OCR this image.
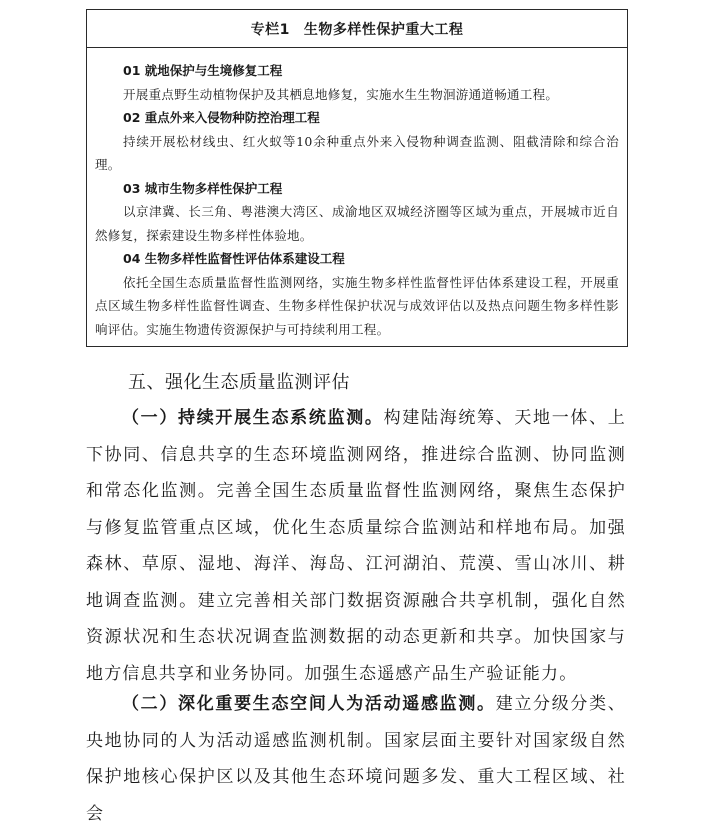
专栏1 生物多样性保护重大工程
01 就地保护与生境修复工程
开展重点野生动植物保护及其栖息地修复，实施水生生物洄游通道畅通工程。
02 重点外来入侵物种防控治理工程
持续开展松材线虫、红火蚁等10余种重点外来入侵物种调查监测、阻截清除和综合治理。
03 城市生物多样性保护工程
以京津冀、长三角、粤港澳大湾区、成渝地区双城经济圈等区域为重点，开展城市近自然修复，探索建设生物多样性体验地。
04 生物多样性监督性评估体系建设工程
依托全国生态质量监督性监测网络，实施生物多样性监督性评估体系建设工程，开展重点区域生物多样性监督性调查、生物多样性保护状况与成效评估以及热点问题生物多样性影响评估。实施生物遗传资源保护与可持续利用工程。
五、强化生态质量监测评估

（一）持续开展生态系统监测。构建陆海统筹、天地一体、上下协同、信息共享的生态环境监测网络，推进综合监测、协同监测和常态化监测。完善全国生态质量监督性监测网络，聚焦生态保护与修复监管重点区域，优化生态质量综合监测站和样地布局。加强森林、草原、湿地、海洋、海岛、江河湖泊、荒漠、雪山冰川、耕地调查监测。建立完善相关部门数据资源融合共享机制，强化自然资源状况和生态状况调查监测数据的动态更新和共享。加快国家与地方信息共享和业务协同。加强生态遥感产品生产验证能力。

（二）深化重要生态空间人为活动遥感监测。建立分级分类、央地协同的人为活动遥感监测机制。国家层面主要针对国家级自然保护地核心保护区以及其他生态环境问题多发、重大工程区域、社会
